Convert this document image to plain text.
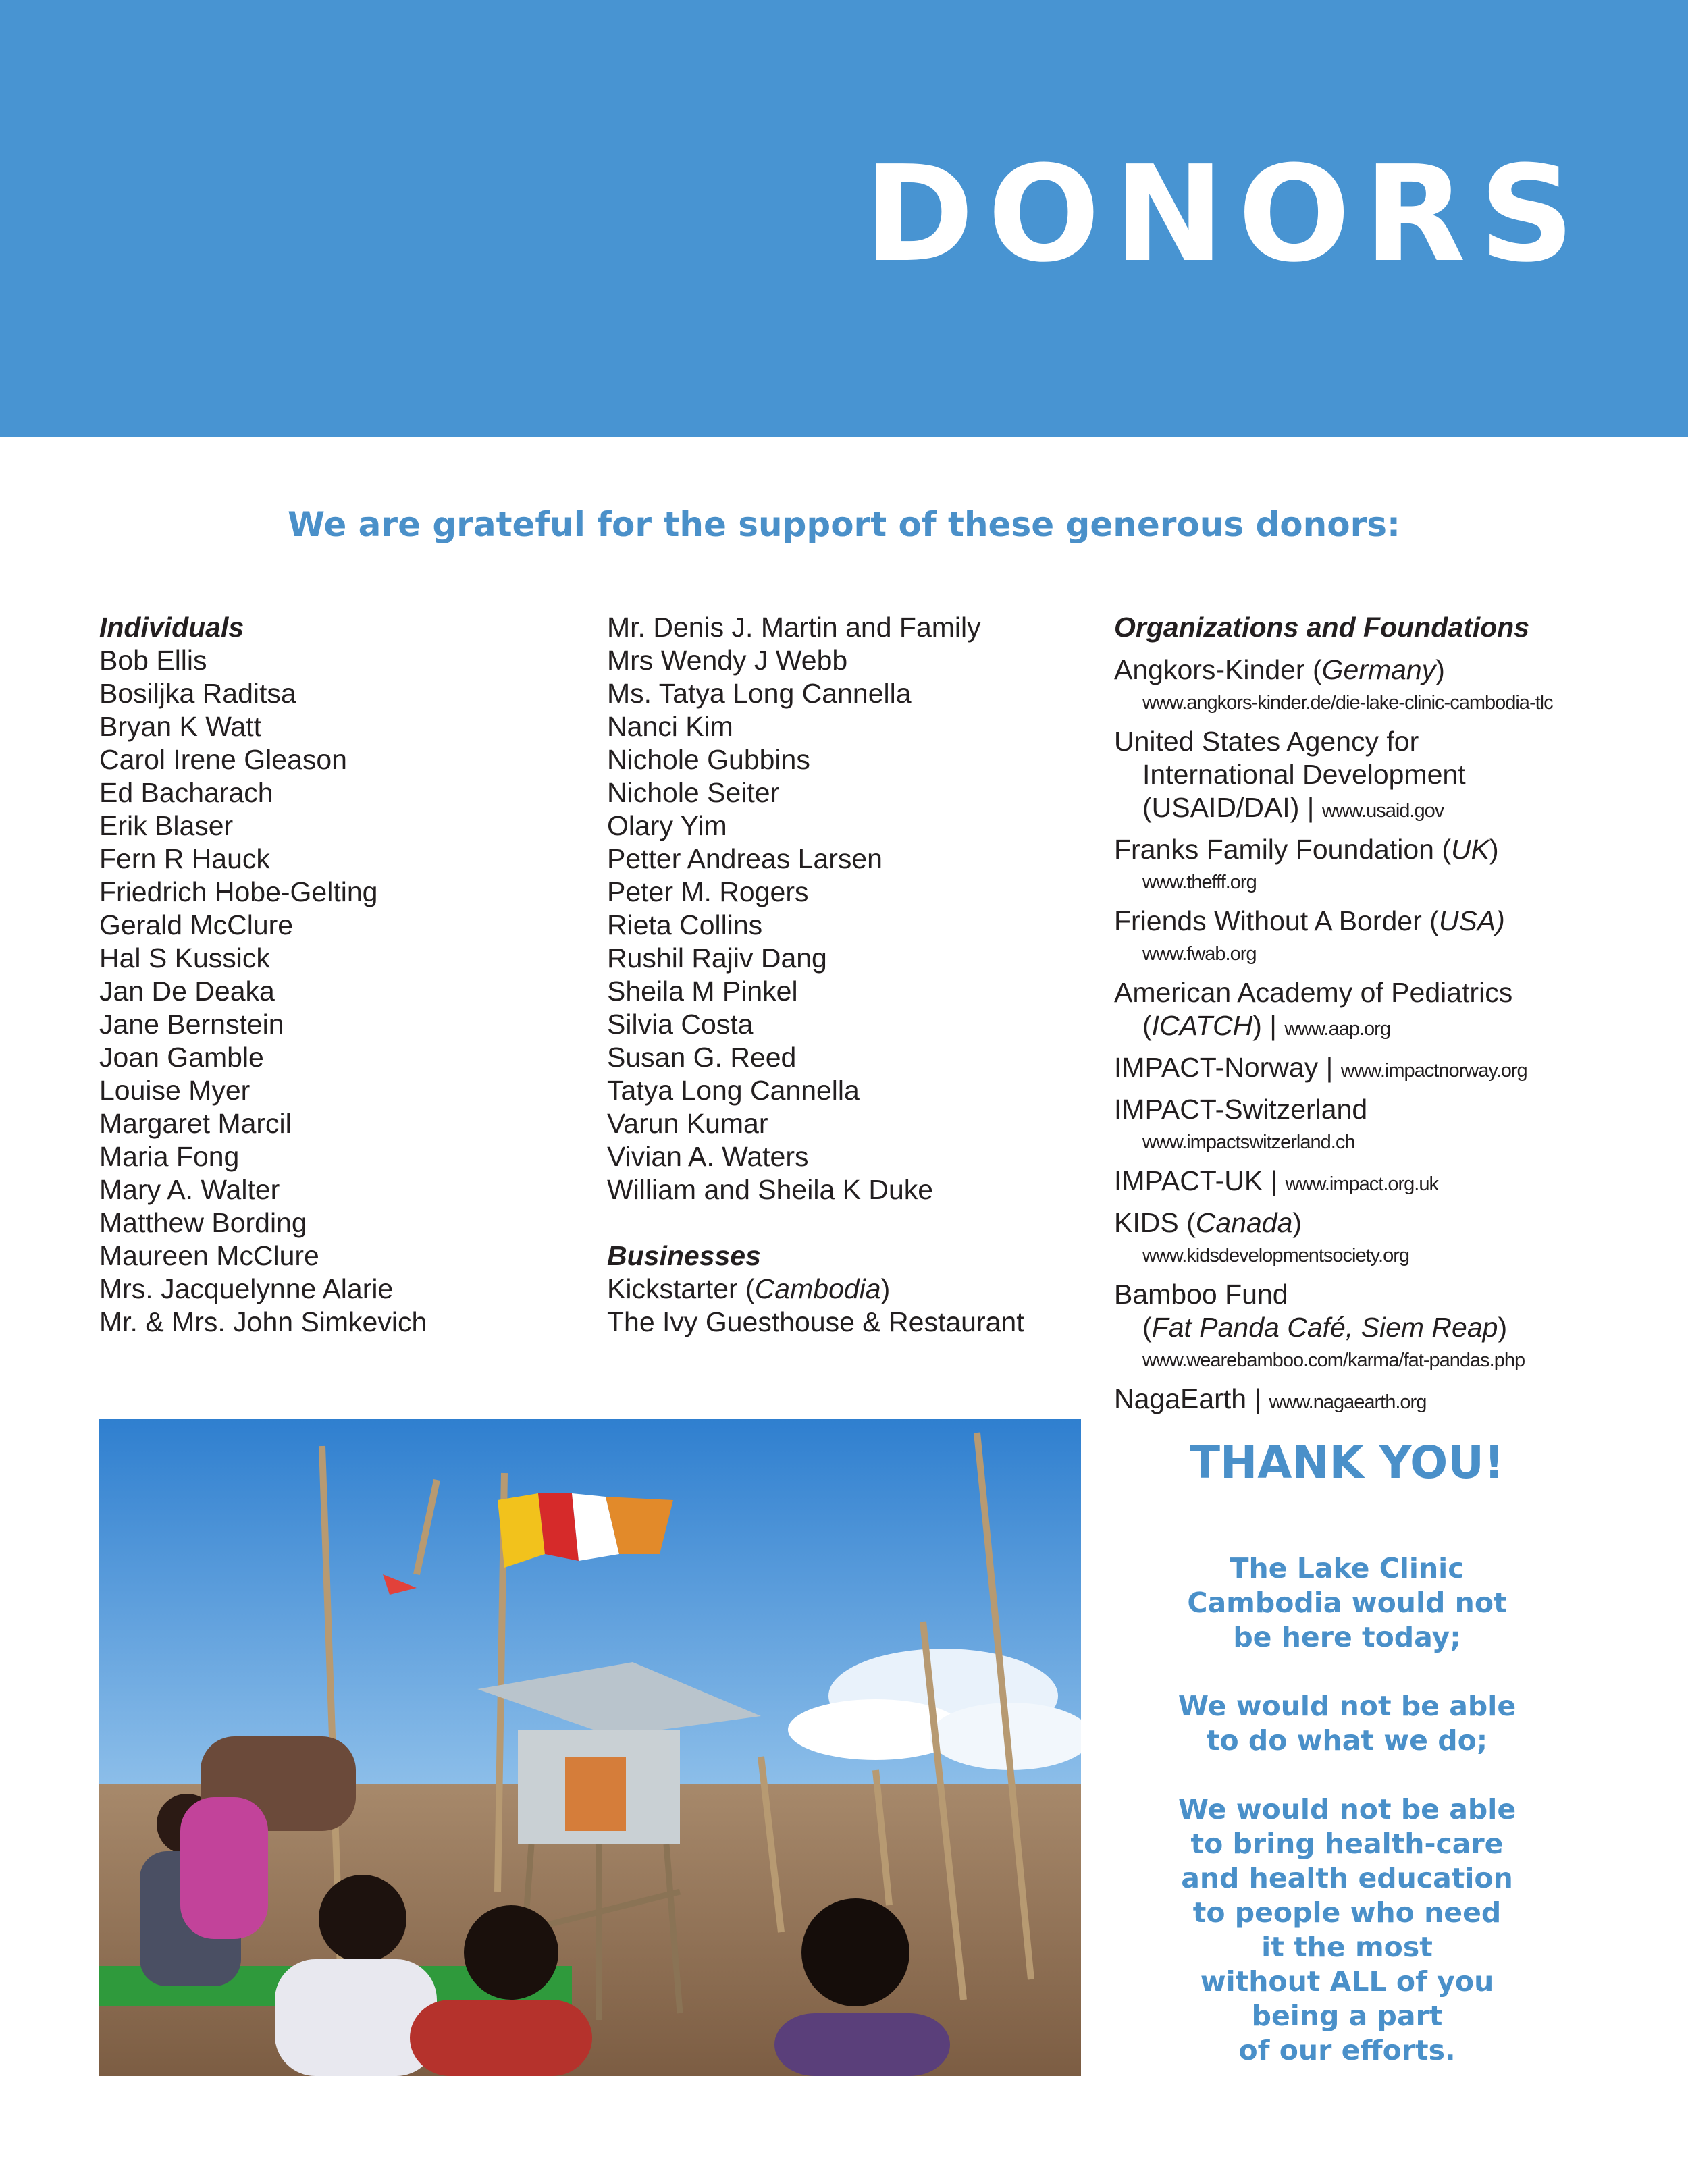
DONORS
We are grateful for the support of these generous donors:
Individuals
Bob Ellis
Bosiljka Raditsa
Bryan K Watt
Carol Irene Gleason
Ed Bacharach
Erik Blaser
Fern R Hauck
Friedrich Hobe-Gelting
Gerald McClure
Hal S Kussick
Jan De Deaka
Jane Bernstein
Joan Gamble
Louise Myer
Margaret Marcil
Maria Fong
Mary A. Walter
Matthew Bording
Maureen McClure
Mrs. Jacquelynne Alarie
Mr. & Mrs. John Simkevich
Mr. Denis J. Martin and Family
Mrs Wendy J Webb
Ms. Tatya Long Cannella
Nanci Kim
Nichole Gubbins
Nichole Seiter
Olary Yim
Petter Andreas Larsen
Peter M. Rogers
Rieta Collins
Rushil Rajiv Dang
Sheila M Pinkel
Silvia Costa
Susan G. Reed
Tatya Long Cannella
Varun Kumar
Vivian A. Waters
William and Sheila K Duke
Businesses
Kickstarter (Cambodia)
The Ivy Guesthouse & Restaurant
Organizations and Foundations
Angkors-Kinder (Germany)
www.angkors-kinder.de/die-lake-clinic-cambodia-tlc
United States Agency for
International Development
(USAID/DAI) | www.usaid.gov
Franks Family Foundation (UK)
www.thefff.org
Friends Without A Border (USA)
www.fwab.org
American Academy of Pediatrics
(ICATCH) | www.aap.org
IMPACT-Norway | www.impactnorway.org
IMPACT-Switzerland
www.impactswitzerland.ch
IMPACT-UK | www.impact.org.uk
KIDS (Canada)
www.kidsdevelopmentsociety.org
Bamboo Fund
(Fat Panda Café, Siem Reap)
www.wearebamboo.com/karma/fat-pandas.php
NagaEarth | www.nagaearth.org
THANK YOU!
The Lake Clinic
Cambodia would not
be here today;
We would not be able
to do what we do;
We would not be able
to bring health-care
and health education
to people who need
it the most
without ALL of you
being a part
of our efforts.
